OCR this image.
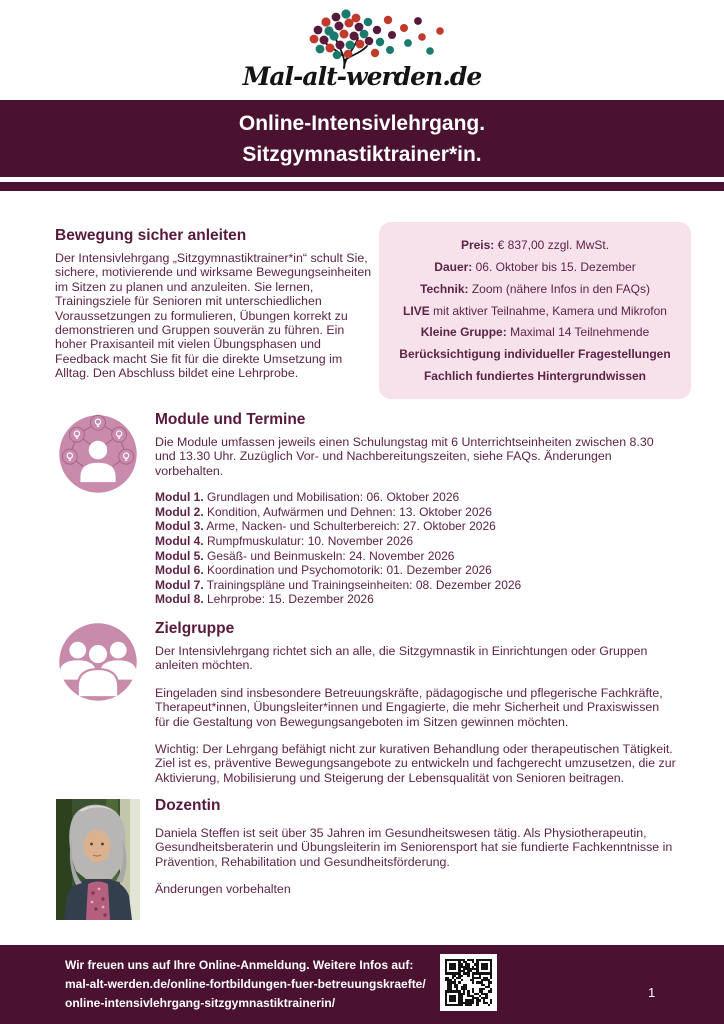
Mal-alt-werden.de
Online-Intensivlehrgang.
Sitzgymnastiktrainer*in.
Bewegung sicher anleiten

Der Intensivlehrgang „Sitzgymnastiktrainer*in“ schult Sie, sichere, motivierende und wirksame Bewegungseinheiten im Sitzen zu planen und anzuleiten. Sie lernen, Trainingsziele für Senioren mit unterschiedlichen Voraussetzungen zu formulieren, Übungen korrekt zu demonstrieren und Gruppen souverän zu führen. Ein hoher Praxisanteil mit vielen Übungsphasen und Feedback macht Sie fit für die direkte Umsetzung im Alltag. Den Abschluss bildet eine Lehrprobe.

Preis: € 837,00 zzgl. MwSt.

Dauer: 06. Oktober bis 15. Dezember

Technik: Zoom (nähere Infos in den FAQs)

LIVE mit aktiver Teilnahme, Kamera und Mikrofon

Kleine Gruppe: Maximal 14 Teilnehmende

Berücksichtigung individueller Fragestellungen

Fachlich fundiertes Hintergrundwissen

Module und Termine

Die Module umfassen jeweils einen Schulungstag mit 6 Unterrichtseinheiten zwischen 8.30 und 13.30 Uhr. Zuzüglich Vor- und Nachbereitungszeiten, siehe FAQs. Änderungen vorbehalten.

Modul 1. Grundlagen und Mobilisation: 06. Oktober 2026
Modul 2. Kondition, Aufwärmen und Dehnen: 13. Oktober 2026
Modul 3. Arme, Nacken- und Schulterbereich: 27. Oktober 2026
Modul 4. Rumpfmuskulatur: 10. November 2026
Modul 5. Gesäß- und Beinmuskeln: 24. November 2026
Modul 6. Koordination und Psychomotorik: 01. Dezember 2026
Modul 7. Trainingspläne und Trainingseinheiten: 08. Dezember 2026
Modul 8. Lehrprobe: 15. Dezember 2026
Zielgruppe

Der Intensivlehrgang richtet sich an alle, die Sitzgymnastik in Einrichtungen oder Gruppen anleiten möchten.

Eingeladen sind insbesondere Betreuungskräfte, pädagogische und pflegerische Fachkräfte, Therapeut*innen, Übungsleiter*innen und Engagierte, die mehr Sicherheit und Praxiswissen für die Gestaltung von Bewegungsangeboten im Sitzen gewinnen möchten.

Wichtig: Der Lehrgang befähigt nicht zur kurativen Behandlung oder therapeutischen Tätigkeit. Ziel ist es, präventive Bewegungsangebote zu entwickeln und fachgerecht umzusetzen, die zur Aktivierung, Mobilisierung und Steigerung der Lebensqualität von Senioren beitragen.

Dozentin

Daniela Steffen ist seit über 35 Jahren im Gesundheitswesen tätig. Als Physiotherapeutin, Gesundheitsberaterin und Übungsleiterin im Seniorensport hat sie fundierte Fachkenntnisse in Prävention, Rehabilitation und Gesundheitsförderung.

Änderungen vorbehalten

Wir freuen uns auf Ihre Online-Anmeldung. Weitere Infos auf:
mal-alt-werden.de/online-fortbildungen-fuer-betreuungskraefte/
online-intensivlehrgang-sitzgymnastiktrainerin/
1
